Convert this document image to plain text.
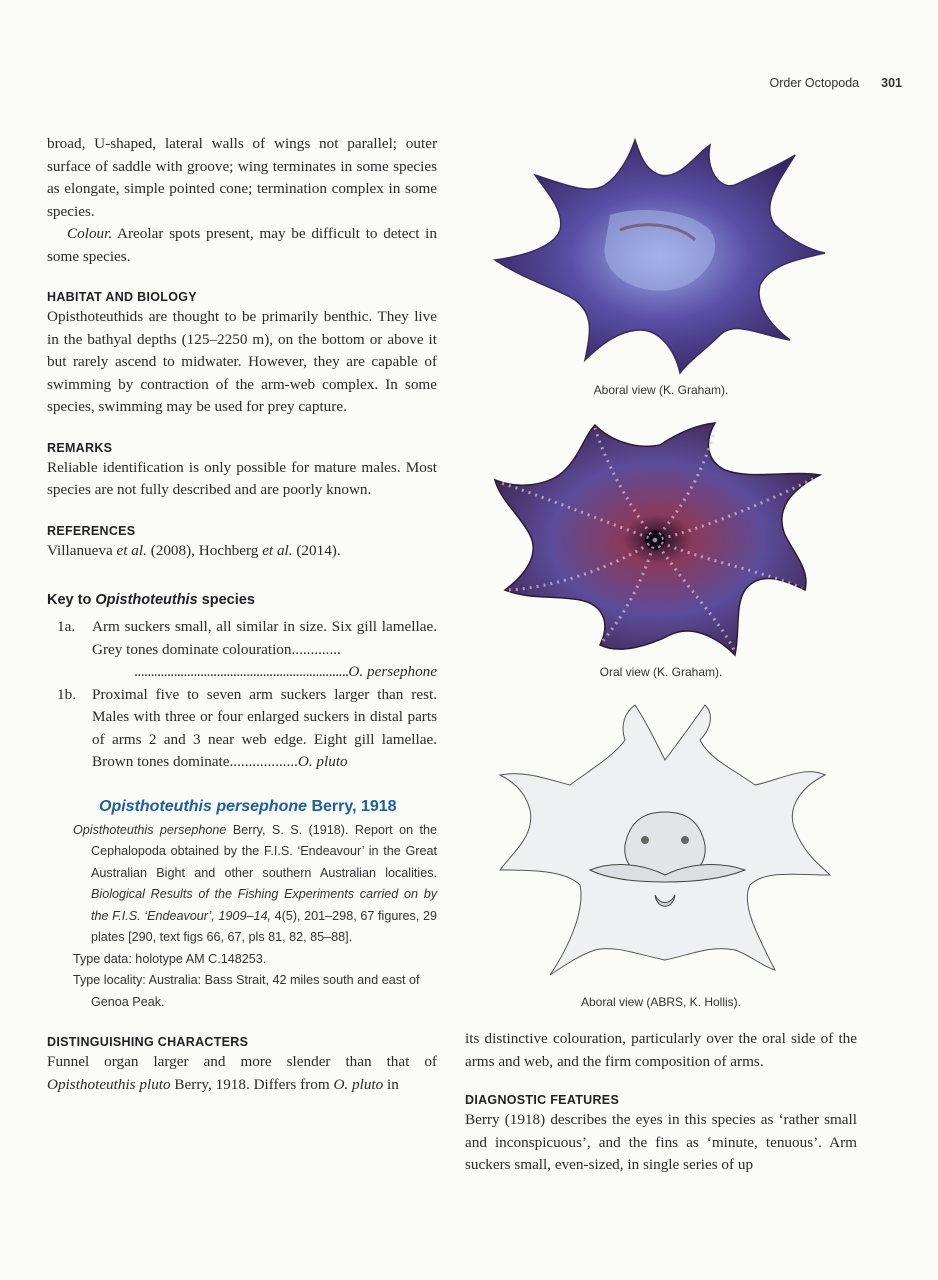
Order Octopoda 301

broad, U-shaped, lateral walls of wings not parallel; outer surface of saddle with groove; wing terminates in some species as elongate, simple pointed cone; termination complex in some species.

Colour. Areolar spots present, may be difficult to detect in some species.

HABITAT AND BIOLOGY

Opisthoteuthids are thought to be primarily benthic. They live in the bathyal depths (125–2250 m), on the bottom or above it but rarely ascend to midwater. However, they are capable of swimming by contraction of the arm-web complex. In some species, swimming may be used for prey capture.

REMARKS

Reliable identification is only possible for mature males. Most species are not fully described and are poorly known.

REFERENCES

Villanueva et al. (2008), Hochberg et al. (2014).

Key to Opisthoteuthis species
1a.	Arm suckers small, all similar in size. Six gill lamellae. Grey tones dominate colouration.............
.................................................................O. persephone
1b.	Proximal five to seven arm suckers larger than rest. Males with three or four enlarged suckers in distal parts of arms 2 and 3 near web edge. Eight gill lamellae. Brown tones dominate..................O. pluto
Opisthoteuthis persephone Berry, 1918
Opisthoteuthis persephone Berry, S. S. (1918). Report on the Cephalopoda obtained by the F.I.S. ‘Endeavour’ in the Great Australian Bight and other southern Australian localities. Biological Results of the Fishing Experiments carried on by the F.I.S. ‘Endeavour’, 1909–14, 4(5), 201–298, 67 figures, 29 plates [290, text figs 66, 67, pls 81, 82, 85–88].
Type data: holotype AM C.148253.
Type locality: Australia: Bass Strait, 42 miles south and east of Genoa Peak.
DISTINGUISHING CHARACTERS

Funnel organ larger and more slender than that of Opisthoteuthis pluto Berry, 1918. Differs from O. pluto in

Aboral view (K. Graham).
Oral view (K. Graham).
Aboral view (ABRS, K. Hollis).

its distinctive colouration, particularly over the oral side of the arms and web, and the firm composition of arms.

DIAGNOSTIC FEATURES

Berry (1918) describes the eyes in this species as ‘rather small and inconspicuous’, and the fins as ‘minute, tenuous’. Arm suckers small, even-sized, in single series of up
